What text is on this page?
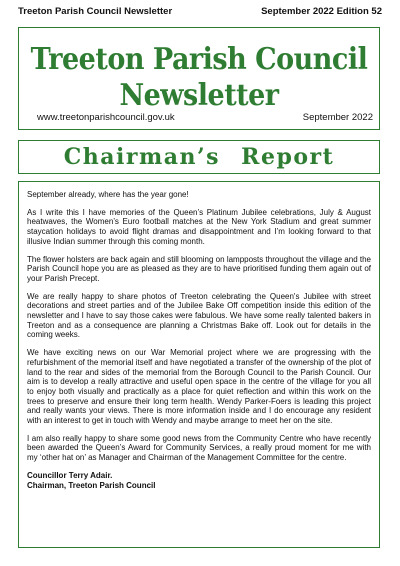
Treeton Parish Council Newsletter	September 2022 Edition 52
Treeton Parish Council
Newsletter
www.treetonparishcouncil.gov.uk	September 2022
Chairman’s Report

September already, where has the year gone!

As I write this I have memories of the Queen’s Platinum Jubilee celebrations, July & August heatwaves, the Women’s Euro football matches at the New York Stadium and great summer staycation holidays to avoid flight dramas and disappointment and I’m looking forward to that illusive Indian summer through this coming month.

The flower holsters are back again and still blooming on lampposts throughout the village and the Parish Council hope you are as pleased as they are to have prioritised funding them again out of your Parish Precept.

We are really happy to share photos of Treeton celebrating the Queen's Jubilee with street decorations and street parties and of the Jubilee Bake Off competition inside this edition of the newsletter and I have to say those cakes were fabulous. We have some really talented bakers in Treeton and as a consequence are planning a Christmas Bake off. Look out for details in the coming weeks.

We have exciting news on our War Memorial project where we are progressing with the refurbishment of the memorial itself and have negotiated a transfer of the ownership of the plot of land to the rear and sides of the memorial from the Borough Council to the Parish Council. Our aim is to develop a really attractive and useful open space in the centre of the village for you all to enjoy both visually and practically as a place for quiet reflection and within this work on the trees to preserve and ensure their long term health. Wendy Parker-Foers is leading this project and really wants your views. There is more information inside and I do encourage any resident with an interest to get in touch with Wendy and maybe arrange to meet her on the site.

I am also really happy to share some good news from the Community Centre who have recently been awarded the Queen’s Award for Community Services, a really proud moment for me with my ‘other hat on’ as Manager and Chairman of the Management Committee for the centre.

Councillor Terry Adair.

Chairman, Treeton Parish Council
